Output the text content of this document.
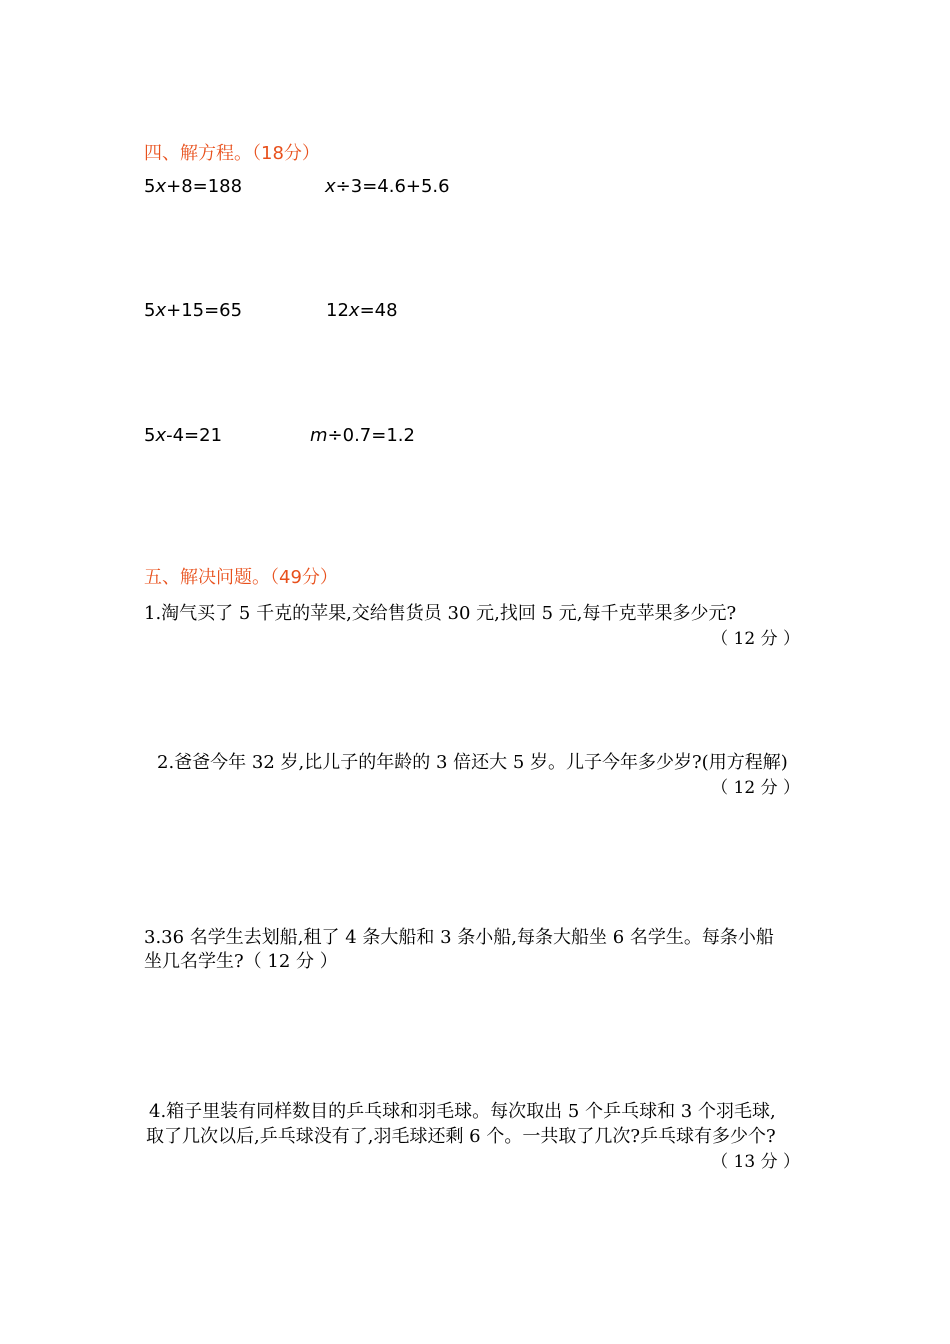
四、解方程。（18分）
5x+8=188	x÷3=4.6+5.6
5x+15=65	12x=48
5x-4=21	m÷0.7=1.2
五、解决问题。（49分）
1.淘气买了 5 千克的苹果,交给售货员 30 元,找回 5 元,每千克苹果多少元?
（ 12 分 ）
2.爸爸今年 32 岁,比儿子的年龄的 3 倍还大 5 岁。儿子今年多少岁?(用方程解)
（ 12 分 ）
3.36 名学生去划船,租了 4 条大船和 3 条小船,每条大船坐 6 名学生。每条小船
坐几名学生?（ 12 分 ）
4.箱子里装有同样数目的乒乓球和羽毛球。每次取出 5 个乒乓球和 3 个羽毛球,
取了几次以后,乒乓球没有了,羽毛球还剩 6 个。一共取了几次?乒乓球有多少个?
（ 13 分 ）
